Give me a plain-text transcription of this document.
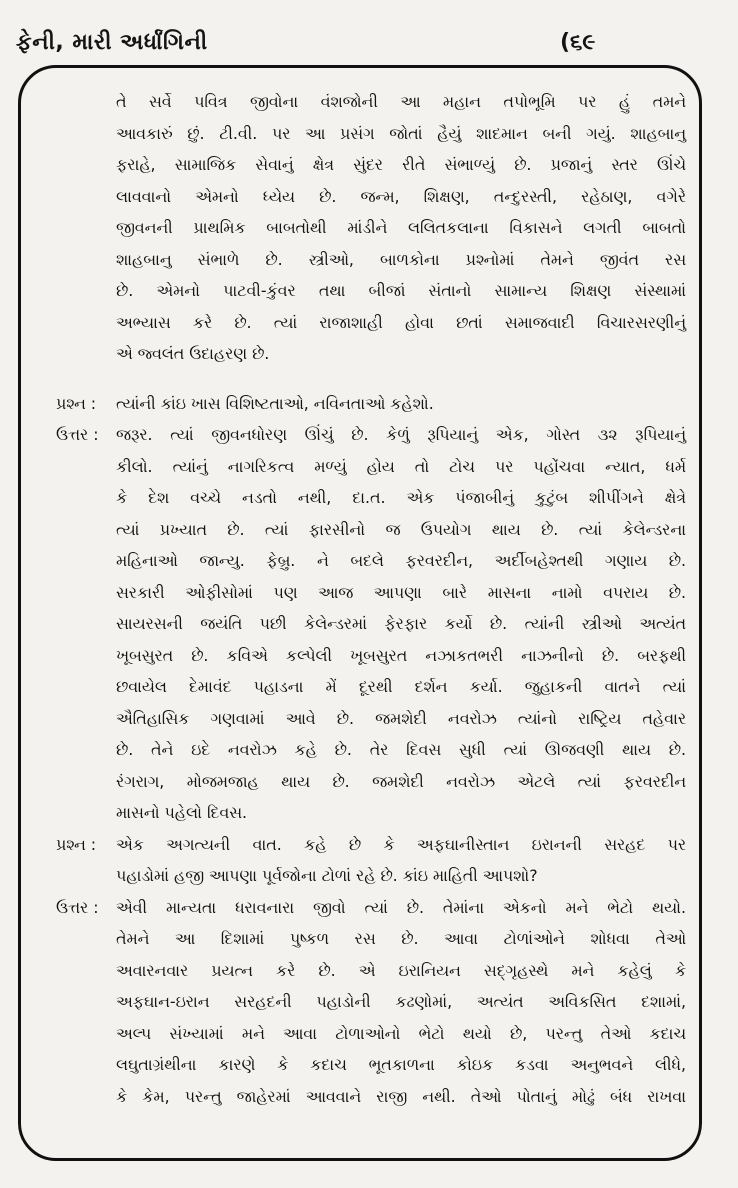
ફેની, મારી અર્ધાંગિની	(૬૯
તે સર્વે પવિત્ર જીવોના વંશજોની આ મહાન તપોભૂમિ પર હું તમને
આવકારું છું. ટી.વી. પર આ પ્રસંગ જોતાં હૈયું શાદમાન બની ગયું. શાહબાનુ
ફરાહે, સામાજિક સેવાનું ક્ષેત્ર સુંદર રીતે સંભાળ્યું છે. પ્રજાનું સ્તર ઊંચે
લાવવાનો એમનો ધ્યેય છે. જન્મ, શિક્ષણ, તન્દુરસ્તી, રહેઠાણ, વગેરે
જીવનની પ્રાથમિક બાબતોથી માંડીને લલિતકલાના વિકાસને લગતી બાબતો
શાહબાનુ સંભાળે છે. સ્ત્રીઓ, બાળકોના પ્રશ્નોમાં તેમને જીવંત રસ
છે. એમનો પાટવી-કુંવર તથા બીજાં સંતાનો સામાન્ય શિક્ષણ સંસ્થામાં
અભ્યાસ કરે છે. ત્યાં રાજાશાહી હોવા છતાં સમાજવાદી વિચારસરણીનું
એ જ્વલંત ઉદાહરણ છે.
પ્રશ્ન :	ત્યાંની કાંઇ ખાસ વિશિષ્ટતાઓ, નવિનતાઓ કહેશો.
ઉત્તર :	જરૂર. ત્યાં જીવનધોરણ ઊંચું છે. કેળું રૂપિયાનું એક, ગોસ્ત ૩૨ રૂપિયાનું
કીલો. ત્યાંનું નાગરિકત્વ મળ્યું હોય તો ટોચ પર પહોંચવા ન્યાત, ધર્મ
કે દેશ વચ્ચે નડતો નથી, દા.ત. એક પંજાબીનું કુટુંબ શીપીંગને ક્ષેત્રે
ત્યાં પ્રખ્યાત છે. ત્યાં ફારસીનો જ ઉપયોગ થાય છે. ત્યાં કેલેન્ડરના
મહિનાઓ જાન્યુ. ફેબ્રુ. ને બદલે ફરવરદીન, અર્દીબહેશ્તથી ગણાય છે.
સરકારી ઓફીસોમાં પણ આજ આપણા બારે માસના નામો વપરાય છે.
સાયરસની જયંતિ પછી કેલેન્ડરમાં ફેરફાર કર્યો છે. ત્યાંની સ્ત્રીઓ અત્યંત
ખૂબસુરત છે. કવિએ કલ્પેલી ખૂબસુરત નઝાકતભરી નાઝનીનો છે. બરફથી
છવાયેલ દેમાવંદ પહાડના મેં દૂરથી દર્શન કર્યા. જુહાકની વાતને ત્યાં
ઐતિહાસિક ગણવામાં આવે છે. જમશેદી નવરોઝ ત્યાંનો રાષ્ટ્રિય તહેવાર
છે. તેને ઇદે નવરોઝ કહે છે. તેર દિવસ સુધી ત્યાં ઊજવણી થાય છે.
રંગરાગ, મોજમજાહ થાય છે. જમશેદી નવરોઝ એટલે ત્યાં ફરવરદીન
માસનો પહેલો દિવસ.
પ્રશ્ન :	એક અગત્યની વાત. કહે છે કે અફઘાનીસ્તાન ઇરાનની સરહદ પર
પહાડોમાં હજી આપણા પૂર્વજોના ટોળાં રહે છે. કાંઇ માહિતી આપશો?
ઉત્તર :	એવી માન્યતા ધરાવનારા જીવો ત્યાં છે. તેમાંના એકનો મને ભેટો થયો.
તેમને આ દિશામાં પુષ્કળ રસ છે. આવા ટોળાંઓને શોધવા તેઓ
અવારનવાર પ્રયત્ન કરે છે. એ ઇરાનિયન સદ્‌ગૃહસ્થે મને કહેલું કે
અફઘાન-ઇરાન સરહદની પહાડોની કઢણોમાં, અત્યંત અવિકસિત દશામાં,
અલ્પ સંખ્યામાં મને આવા ટોળાઓનો ભેટો થયો છે, પરન્તુ તેઓ કદાચ
લઘુતાગ્રંથીના કારણે કે કદાચ ભૂતકાળના કોઇક કડવા અનુભવને લીધે,
કે કેમ, પરન્તુ જાહેરમાં આવવાને રાજી નથી. તેઓ પોતાનું મોઢું બંધ રાખવા
